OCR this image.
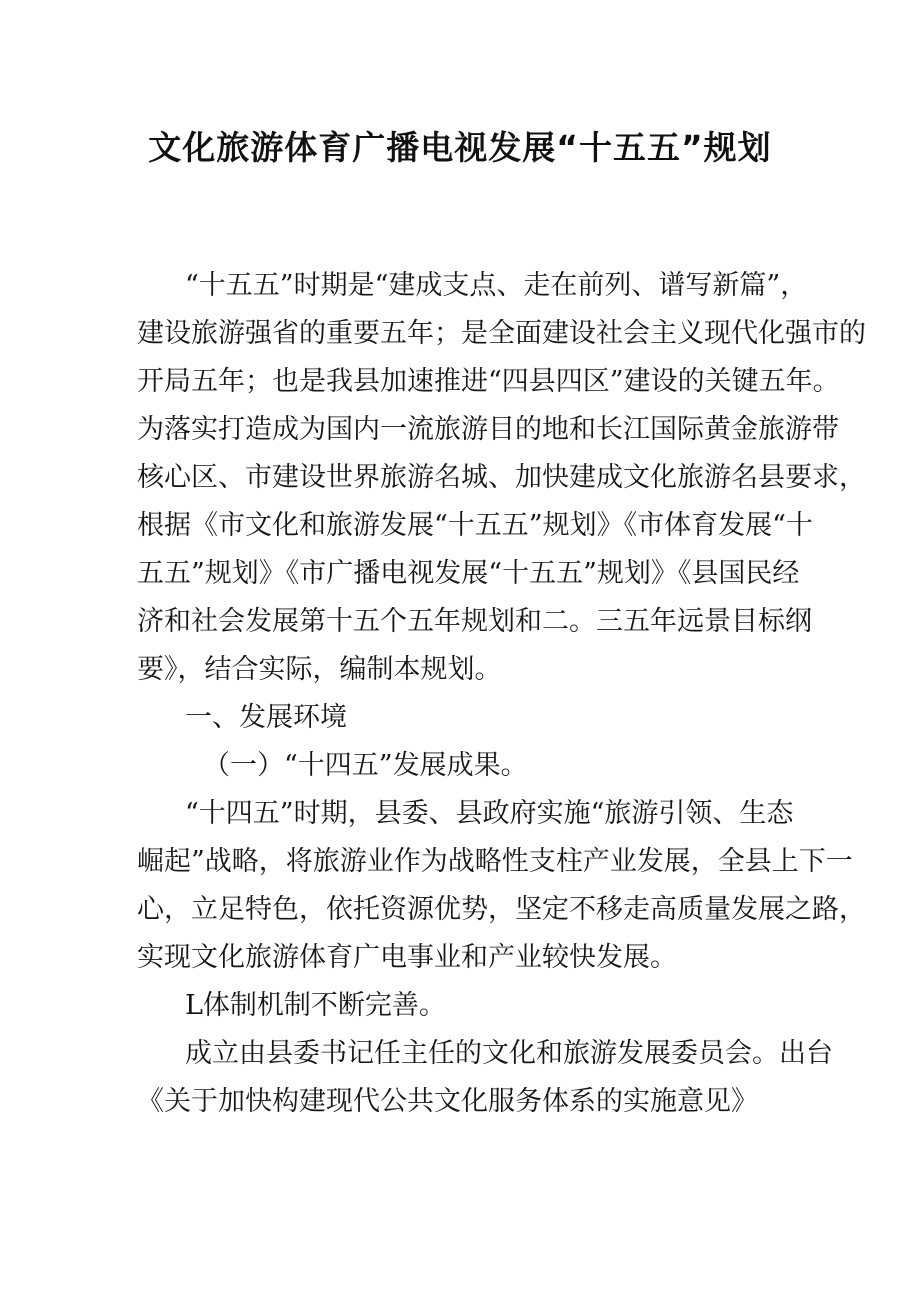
文化旅游体育广播电视发展“十五五”规划
“十五五”时期是“建成支点、走在前列、谱写新篇”，
建设旅游强省的重要五年；是全面建设社会主义现代化强市的
开局五年；也是我县加速推进“四县四区”建设的关键五年。
为落实打造成为国内一流旅游目的地和长江国际黄金旅游带
核心区、市建设世界旅游名城、加快建成文化旅游名县要求，
根据《市文化和旅游发展“十五五”规划》《市体育发展“十
五五”规划》《市广播电视发展“十五五”规划》《县国民经
济和社会发展第十五个五年规划和二。三五年远景目标纲
要》，结合实际，编制本规划。
一、发展环境
（一）“十四五”发展成果。
“十四五”时期，县委、县政府实施“旅游引领、生态
崛起”战略，将旅游业作为战略性支柱产业发展，全县上下一
心，立足特色，依托资源优势，坚定不移走高质量发展之路，
实现文化旅游体育广电事业和产业较快发展。
L体制机制不断完善。
成立由县委书记任主任的文化和旅游发展委员会。出台
《关于加快构建现代公共文化服务体系的实施意见》
